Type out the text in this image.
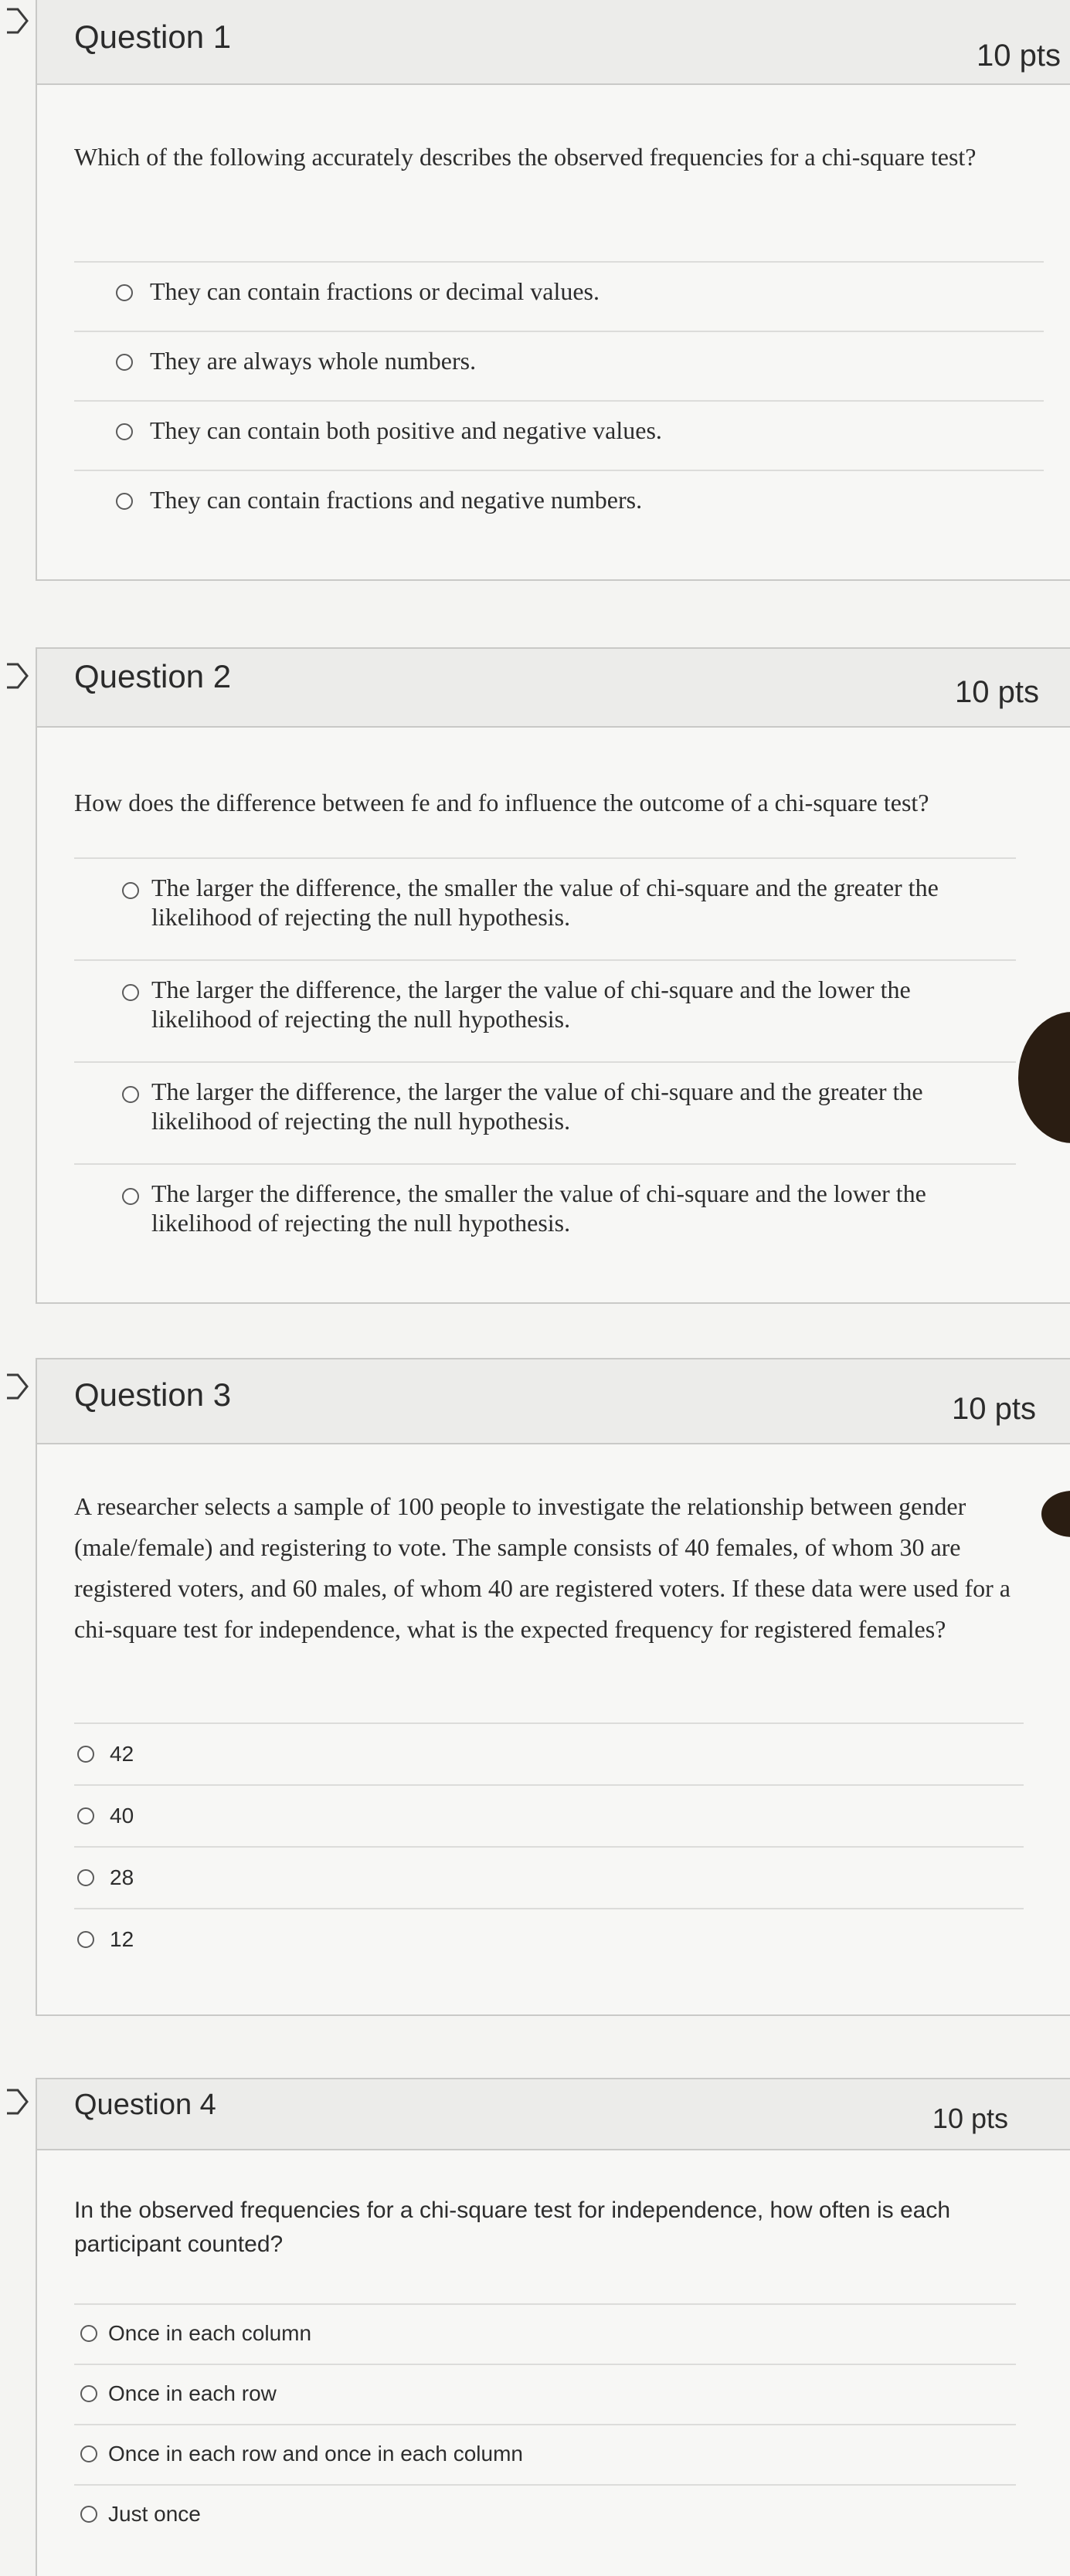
Question 1
10 pts
Which of the following accurately describes the observed frequencies for a chi-square test?
They can contain fractions or decimal values.
They are always whole numbers.
They can contain both positive and negative values.
They can contain fractions and negative numbers.
Question 2	10 pts
How does the difference between fe and fo influence the outcome of a chi-square test?
The larger the difference, the smaller the value of chi-square and the greater the likelihood of rejecting the null hypothesis.
The larger the difference, the larger the value of chi-square and the lower the likelihood of rejecting the null hypothesis.
The larger the difference, the larger the value of chi-square and the greater the likelihood of rejecting the null hypothesis.
The larger the difference, the smaller the value of chi-square and the lower the likelihood of rejecting the null hypothesis.
Question 3	10 pts
A researcher selects a sample of 100 people to investigate the relationship between gender (male/female) and registering to vote. The sample consists of 40 females, of whom 30 are registered voters, and 60 males, of whom 40 are registered voters. If these data were used for a chi-square test for independence, what is the expected frequency for registered females?
42
40
28
12
Question 4	10 pts
In the observed frequencies for a chi-square test for independence, how often is each participant counted?
Once in each column
Once in each row
Once in each row and once in each column
Just once
